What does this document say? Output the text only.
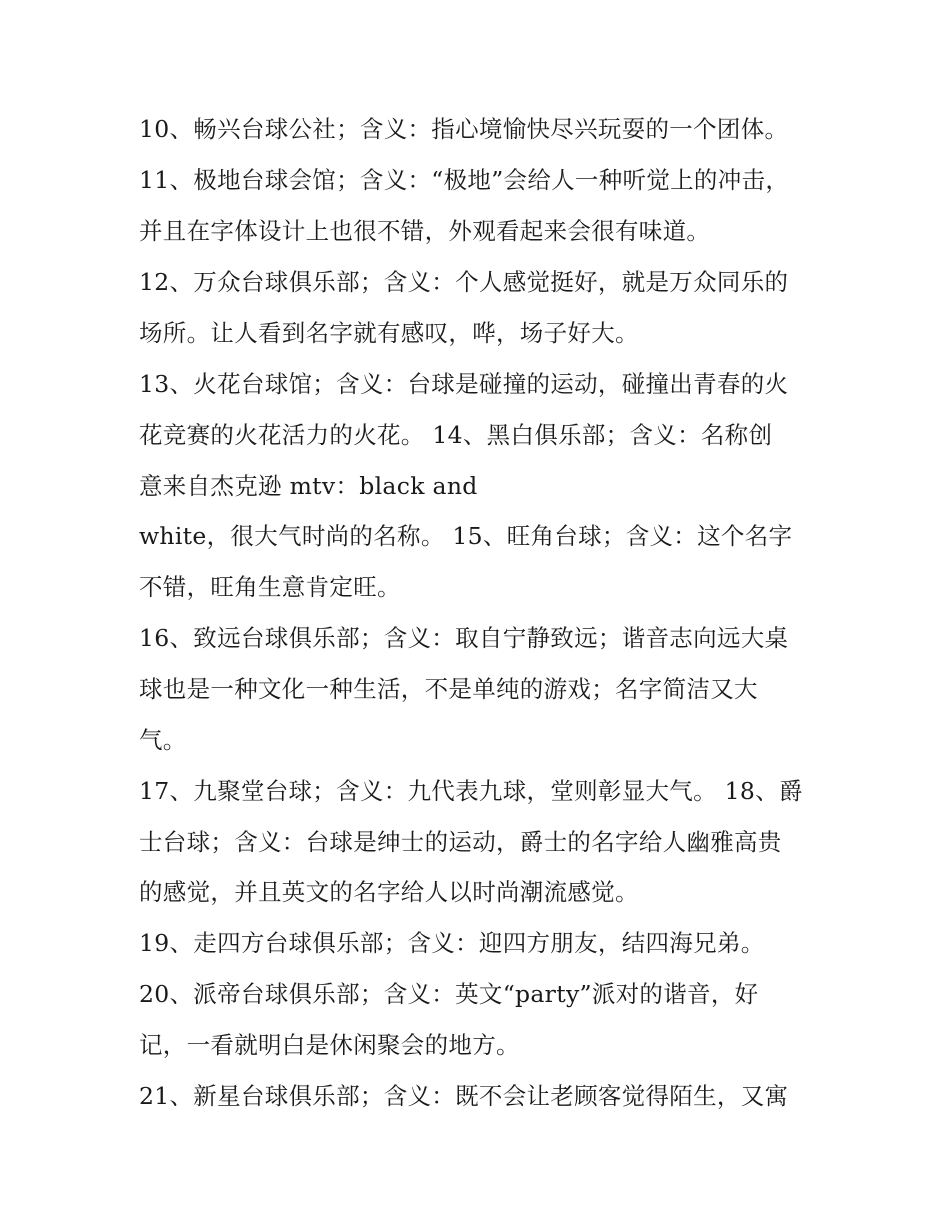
10、畅兴台球公社；含义：指心境愉快尽兴玩耍的一个团体。
11、极地台球会馆；含义：“极地”会给人一种听觉上的冲击，
并且在字体设计上也很不错，外观看起来会很有味道。
12、万众台球俱乐部；含义：个人感觉挺好，就是万众同乐的
场所。让人看到名字就有感叹，哗，场子好大。
13、火花台球馆；含义：台球是碰撞的运动，碰撞出青春的火
花竞赛的火花活力的火花。 14、黑白俱乐部；含义：名称创
意来自杰克逊 mtv：black and
white，很大气时尚的名称。 15、旺角台球；含义：这个名字
不错，旺角生意肯定旺。
16、致远台球俱乐部；含义：取自宁静致远；谐音志向远大桌
球也是一种文化一种生活，不是单纯的游戏；名字简洁又大
气。
17、九聚堂台球；含义：九代表九球，堂则彰显大气。 18、爵
士台球；含义：台球是绅士的运动，爵士的名字给人幽雅高贵
的感觉，并且英文的名字给人以时尚潮流感觉。
19、走四方台球俱乐部；含义：迎四方朋友，结四海兄弟。
20、派帝台球俱乐部；含义：英文“party”派对的谐音，好
记，一看就明白是休闲聚会的地方。
21、新星台球俱乐部；含义：既不会让老顾客觉得陌生，又寓
